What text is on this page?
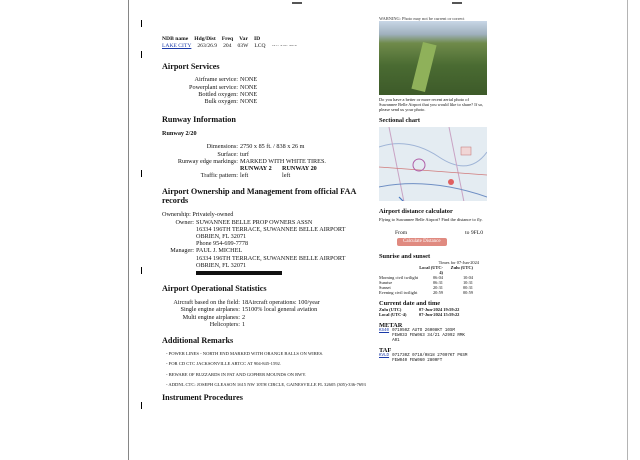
NDB name Hdg/Dist Freq Var ID
LAKE CITY 263/26.9 204 03W LCQ ·-·· -·-· --·-
Airport Services
Airframe service: NONE
Powerplant service: NONE
Bottled oxygen: NONE
Bulk oxygen: NONE
Runway Information
Runway 2/20
Dimensions: 2750 x 85 ft. / 838 x 26 m
Surface: turf
Runway edge markings: MARKED WITH WHITE TIRES.
RUNWAY 2	RUNWAY 20
Traffic pattern: left	left
Airport Ownership and Management from official FAA records
Ownership: Privately-owned
Owner: SUWANNEE BELLE PROP OWNERS ASSN
16334 196TH TERRACE, SUWANNEE BELLE AIRPORT
OBRIEN, FL 32071
Phone 954-699-7778
Manager: PAUL J. MICHEL
16334 196TH TERRACE, SUWANNEE BELLE AIRPORT
OBRIEN, FL 32071
Airport Operational Statistics
Aircraft based on the field: 18
Single engine airplanes: 15
Multi engine airplanes: 2
Helicopters: 1
Aircraft operations: 100/year
100% local general aviation
Additional Remarks
- POWER LINES - NORTH END MARKED WITH ORANGE BALLS ON WIRES.
- FOR CD CTC JACKSONVILLE ARTCC AT 904-845-1592.
- BEWARE OF BUZZARDS IN PAT AND GOPHER MOUNDS ON RWY.
- ADDNL CTC: JOSEPH GLEASON 1615 NW 10TH CIRCLE, GAINESVILLE FL 32605 (305)-336-7693
Instrument Procedures
WARNING: Photo may not be current or correct
Do you have a better or more recent aerial photo of Suwannee Belle Airport that you would like to share? If so, please send us your photo.
Sectional chart
Airport distance calculator
Flying to Suwannee Belle Airport? Find the distance to fly.
From	to 9FL0
Calculate Distance
Sunrise and sunset
Times for 07-Jun-2024
Local (UTC-4)
Zulu (UTC)
Morning civil twilight	06:04	10:04
Sunrise	06:31	10:31
Sunset	20:31	00:31
Evening civil twilight	20:59	00:59
Current date and time
Zulu (UTC)	07-Jun-2024 19:59:22
Local (UTC-4)	07-Jun-2024 15:59:22
METAR
KS40 071950Z AUTO 26008KT 10SM FEW033 FEW063 34/21 A2992 RMK A01
TAF
KVLD 071730Z 0718/0818 27007KT P6SM FEW040 FEW060 2800FT
